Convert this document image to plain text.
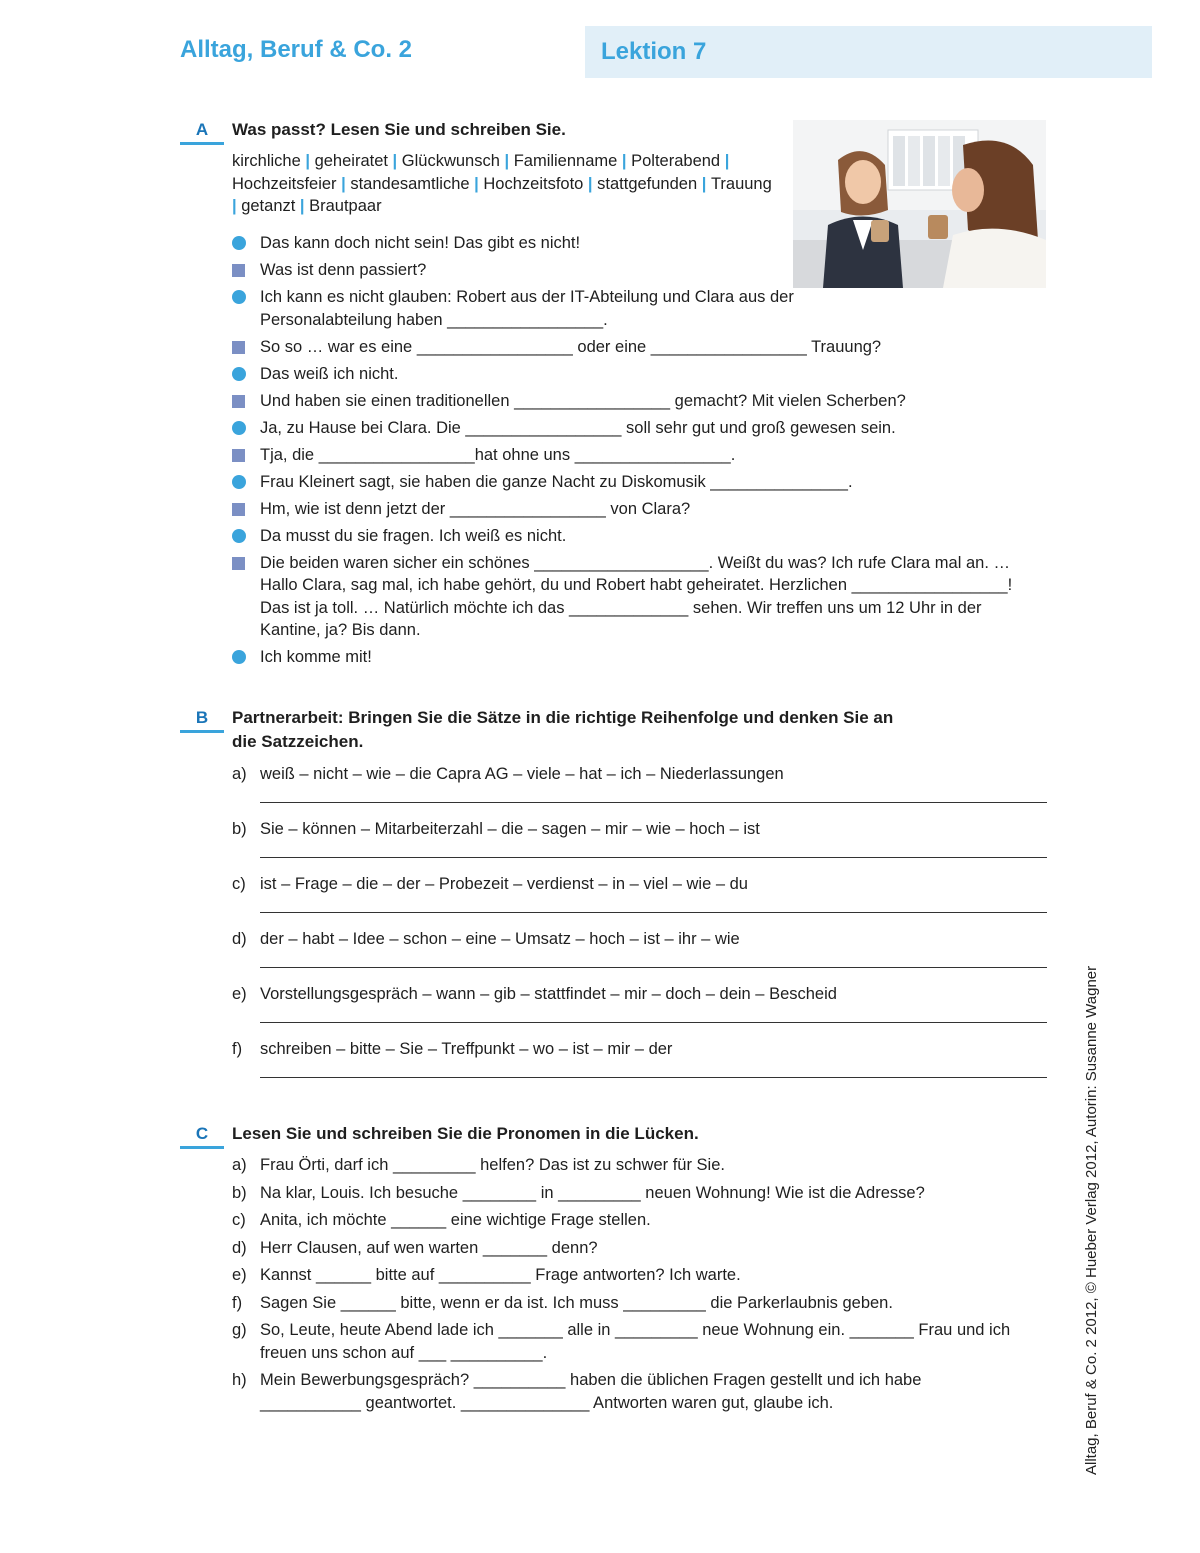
Alltag, Beruf & Co. 2	Lektion 7
A	Was passt? Lesen Sie und schreiben Sie.
kirchliche | geheiratet | Glückwunsch | Familienname | Polterabend | Hochzeitsfeier | standesamtliche | Hochzeitsfoto | stattgefunden | Trauung | getanzt | Brautpaar
Das kann doch nicht sein! Das gibt es nicht!
Was ist denn passiert?
Ich kann es nicht glauben: Robert aus der IT-Abteilung und Clara aus der Personalabteilung haben _________________.
So so … war es eine _________________ oder eine _________________ Trauung?
Das weiß ich nicht.
Und haben sie einen traditionellen _________________ gemacht? Mit vielen Scherben?
Ja, zu Hause bei Clara. Die _________________ soll sehr gut und groß gewesen sein.
Tja, die _________________hat ohne uns _________________.
Frau Kleinert sagt, sie haben die ganze Nacht zu Diskomusik _______________.
Hm, wie ist denn jetzt der _________________ von Clara?
Da musst du sie fragen. Ich weiß es nicht.
Die beiden waren sicher ein schönes ___________________. Weißt du was? Ich rufe Clara mal an. … Hallo Clara, sag mal, ich habe gehört, du und Robert habt geheiratet. Herzlichen _________________! Das ist ja toll. … Natürlich möchte ich das _____________ sehen. Wir treffen uns um 12 Uhr in der Kantine, ja? Bis dann.
Ich komme mit!
B	Partnerarbeit: Bringen Sie die Sätze in die richtige Reihenfolge und denken Sie an die Satzzeichen.
a) weiß – nicht – wie – die Capra AG – viele – hat – ich – Niederlassungen
b) Sie – können – Mitarbeiterzahl – die – sagen – mir – wie – hoch – ist
c) ist – Frage – die – der – Probezeit – verdienst – in – viel – wie – du
d) der – habt – Idee – schon – eine – Umsatz – hoch – ist – ihr – wie
e) Vorstellungsgespräch – wann – gib – stattfindet – mir – doch – dein – Bescheid
f) schreiben – bitte – Sie – Treffpunkt – wo – ist – mir – der
C	Lesen Sie und schreiben Sie die Pronomen in die Lücken.
a) Frau Örti, darf ich _________ helfen? Das ist zu schwer für Sie.
b) Na klar, Louis. Ich besuche ________ in _________ neuen Wohnung! Wie ist die Adresse?
c) Anita, ich möchte ______ eine wichtige Frage stellen.
d) Herr Clausen, auf wen warten _______ denn?
e) Kannst ______ bitte auf __________ Frage antworten? Ich warte.
f) Sagen Sie ______ bitte, wenn er da ist. Ich muss _________ die Parkerlaubnis geben.
g) So, Leute, heute Abend lade ich _______ alle in _________ neue Wohnung ein. _______ Frau und ich freuen uns schon auf ___ __________.
h) Mein Bewerbungsgespräch? __________ haben die üblichen Fragen gestellt und ich habe ___________ geantwortet. ______________ Antworten waren gut, glaube ich.	Alltag, Beruf & Co. 2 2012, © Hueber Verlag 2012, Autorin: Susanne Wagner
